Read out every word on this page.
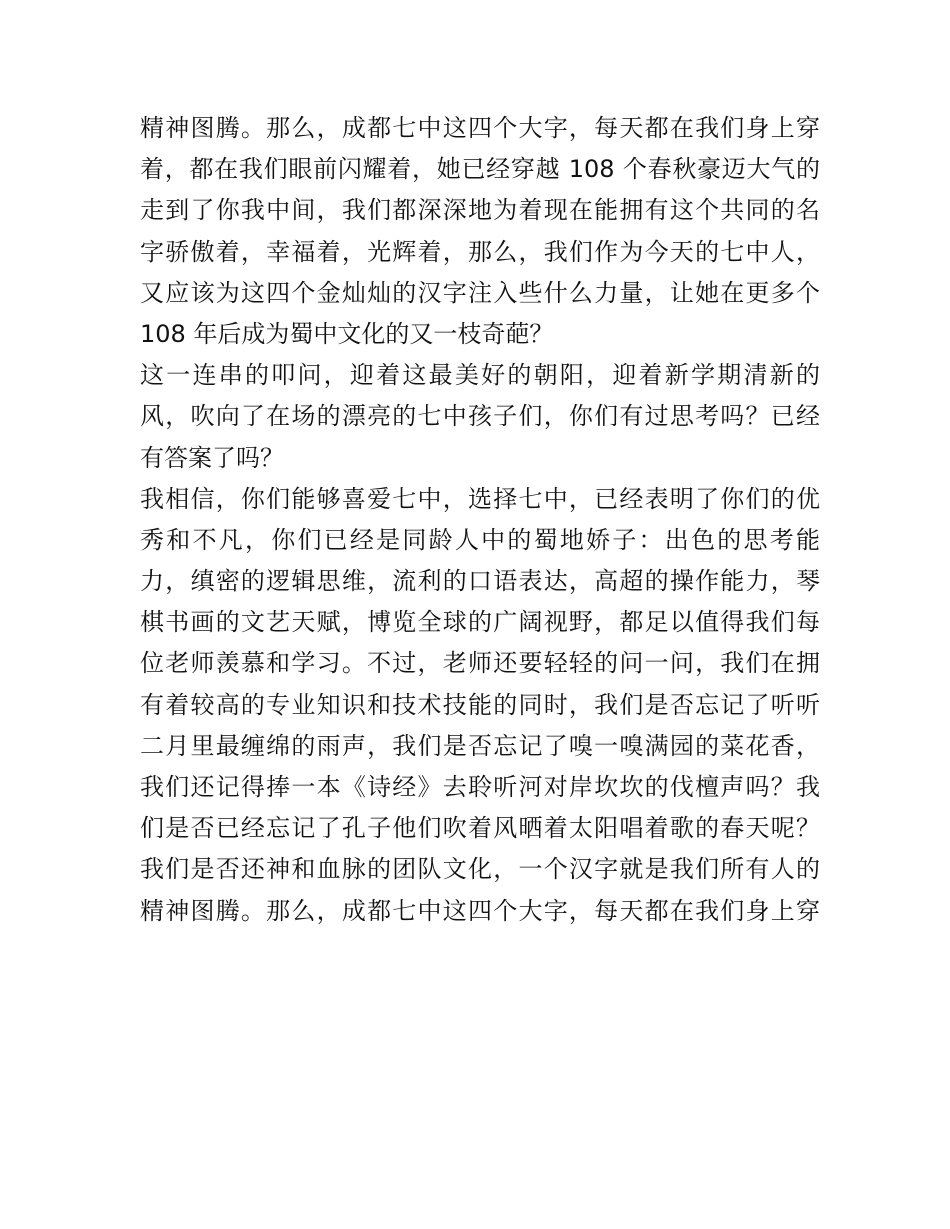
精神图腾。那么，成都七中这四个大字，每天都在我们身上穿
着，都在我们眼前闪耀着，她已经穿越 108 个春秋豪迈大气的
走到了你我中间，我们都深深地为着现在能拥有这个共同的名
字骄傲着，幸福着，光辉着，那么，我们作为今天的七中人，
又应该为这四个金灿灿的汉字注入些什么力量，让她在更多个
108 年后成为蜀中文化的又一枝奇葩？
这一连串的叩问，迎着这最美好的朝阳，迎着新学期清新的
风，吹向了在场的漂亮的七中孩子们，你们有过思考吗？已经
有答案了吗？
我相信，你们能够喜爱七中，选择七中，已经表明了你们的优
秀和不凡，你们已经是同龄人中的蜀地娇子：出色的思考能
力，缜密的逻辑思维，流利的口语表达，高超的操作能力，琴
棋书画的文艺天赋，博览全球的广阔视野，都足以值得我们每
位老师羡慕和学习。不过，老师还要轻轻的问一问，我们在拥
有着较高的专业知识和技术技能的同时，我们是否忘记了听听
二月里最缠绵的雨声，我们是否忘记了嗅一嗅满园的菜花香，
我们还记得捧一本《诗经》去聆听河对岸坎坎的伐檀声吗？我
们是否已经忘记了孔子他们吹着风晒着太阳唱着歌的春天呢？
我们是否还神和血脉的团队文化，一个汉字就是我们所有人的
精神图腾。那么，成都七中这四个大字，每天都在我们身上穿
